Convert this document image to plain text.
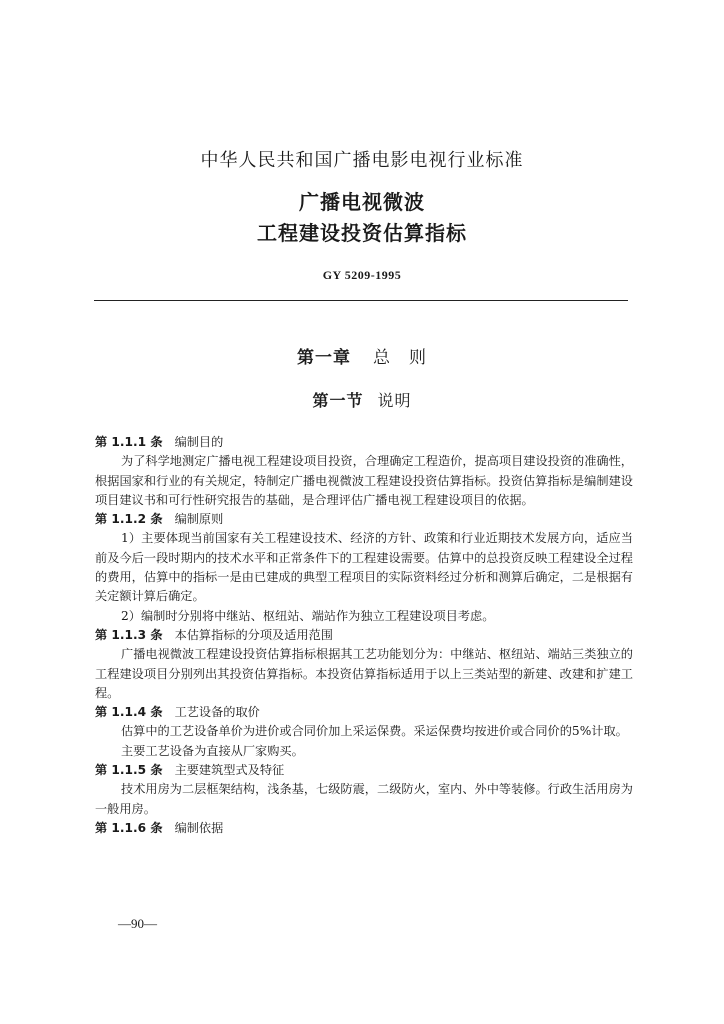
中华人民共和国广播电影电视行业标准
广播电视微波
工程建设投资估算指标
GY 5209-1995
第一章 总　则
第一节 说明

第 1.1.1 条 编制目的

为了科学地测定广播电视工程建设项目投资，合理确定工程造价，提高项目建设投资的准确性，根据国家和行业的有关规定，特制定广播电视微波工程建设投资估算指标。投资估算指标是编制建设项目建议书和可行性研究报告的基础，是合理评估广播电视工程建设项目的依据。

第 1.1.2 条 编制原则

1）主要体现当前国家有关工程建设技术、经济的方针、政策和行业近期技术发展方向，适应当前及今后一段时期内的技术水平和正常条件下的工程建设需要。估算中的总投资反映工程建设全过程的费用，估算中的指标一是由已建成的典型工程项目的实际资料经过分析和测算后确定，二是根据有关定额计算后确定。

2）编制时分别将中继站、枢纽站、端站作为独立工程建设项目考虑。

第 1.1.3 条 本估算指标的分项及适用范围

广播电视微波工程建设投资估算指标根据其工艺功能划分为：中继站、枢纽站、端站三类独立的工程建设项目分别列出其投资估算指标。本投资估算指标适用于以上三类站型的新建、改建和扩建工程。

第 1.1.4 条 工艺设备的取价

估算中的工艺设备单价为进价或合同价加上采运保费。采运保费均按进价或合同价的5%计取。

主要工艺设备为直接从厂家购买。

第 1.1.5 条 主要建筑型式及特征

技术用房为二层框架结构，浅条基，七级防震，二级防火，室内、外中等装修。行政生活用房为一般用房。

第 1.1.6 条 编制依据

—90—
